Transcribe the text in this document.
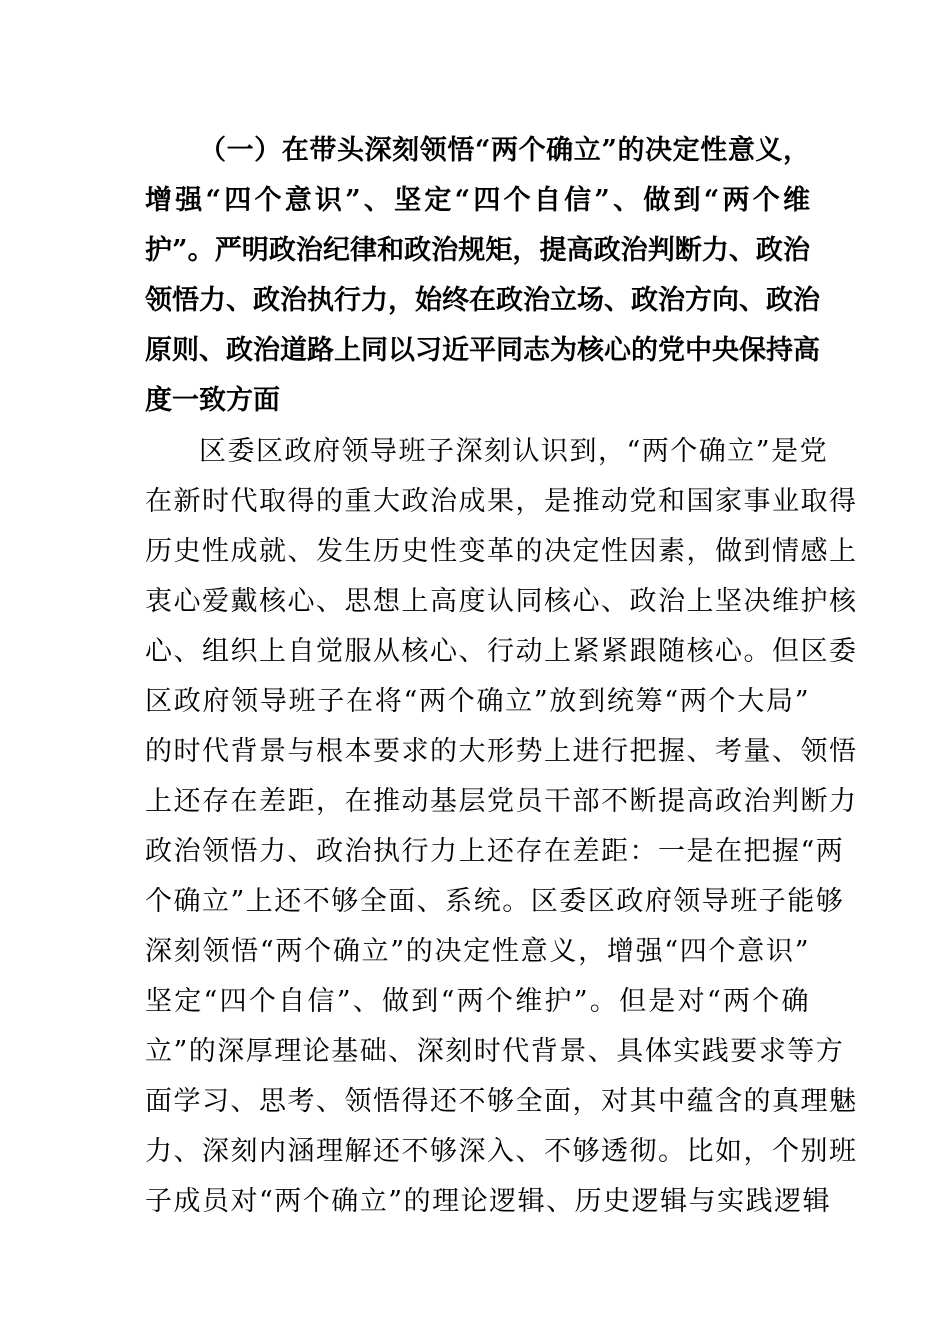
（一）在带头深刻领悟“两个确立”的决定性意义，
增强“四个意识”、坚定“四个自信”、做到“两个维
护”。严明政治纪律和政治规矩，提高政治判断力、政治
领悟力、政治执行力，始终在政治立场、政治方向、政治
原则、政治道路上同以习近平同志为核心的党中央保持高
度一致方面
区委区政府领导班子深刻认识到，“两个确立”是党
在新时代取得的重大政治成果，是推动党和国家事业取得
历史性成就、发生历史性变革的决定性因素，做到情感上
衷心爱戴核心、思想上高度认同核心、政治上坚决维护核
心、组织上自觉服从核心、行动上紧紧跟随核心。但区委
区政府领导班子在将“两个确立”放到统筹“两个大局”
的时代背景与根本要求的大形势上进行把握、考量、领悟
上还存在差距，在推动基层党员干部不断提高政治判断力
政治领悟力、政治执行力上还存在差距：一是在把握“两
个确立”上还不够全面、系统。区委区政府领导班子能够
深刻领悟“两个确立”的决定性意义，增强“四个意识”
坚定“四个自信”、做到“两个维护”。但是对“两个确
立”的深厚理论基础、深刻时代背景、具体实践要求等方
面学习、思考、领悟得还不够全面，对其中蕴含的真理魅
力、深刻内涵理解还不够深入、不够透彻。比如，个别班
子成员对“两个确立”的理论逻辑、历史逻辑与实践逻辑
